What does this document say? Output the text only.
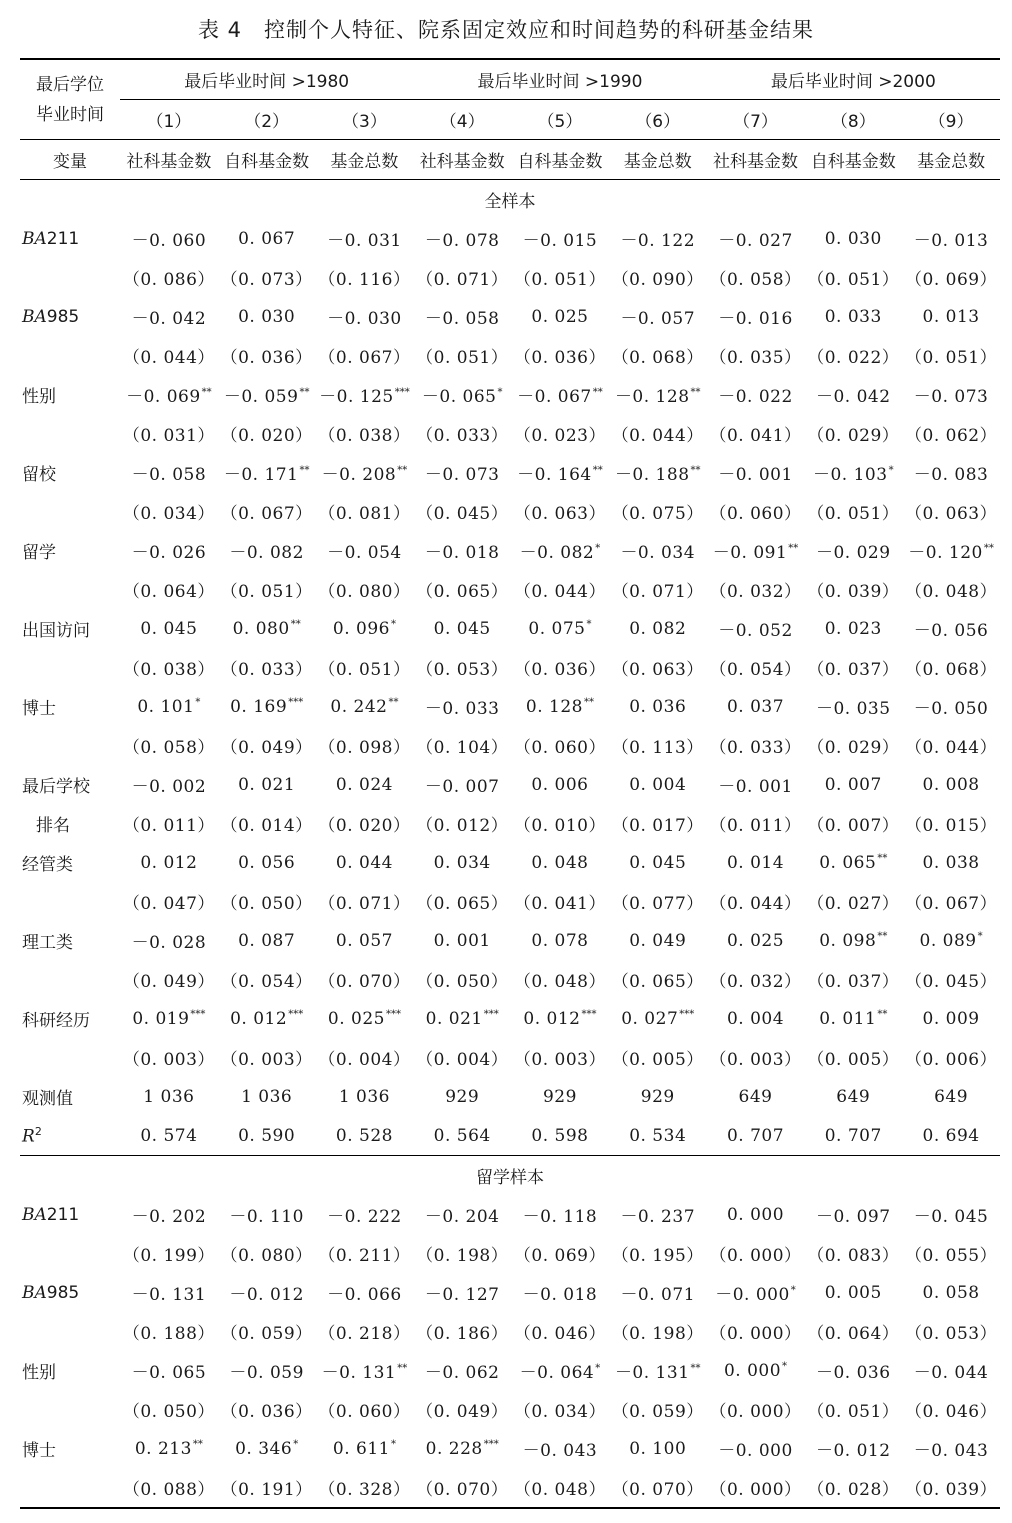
表 4　控制个人特征、院系固定效应和时间趋势的科研基金结果
最后学位
毕业时间	最后毕业时间 >1980			最后毕业时间 >1990			最后毕业时间 >2000		
	（1）	（2）	（3）	（4）	（5）	（6）	（7）	（8）	（9）
变量	社科基金数	自科基金数	基金总数	社科基金数	自科基金数	基金总数	社科基金数	自科基金数	基金总数
全样本									
BA211	－0. 060	0. 067	－0. 031	－0. 078	－0. 015	－0. 122	－0. 027	0. 030	－0. 013
	（0. 086）	（0. 073）	（0. 116）	（0. 071）	（0. 051）	（0. 090）	（0. 058）	（0. 051）	（0. 069）
BA985	－0. 042	0. 030	－0. 030	－0. 058	0. 025	－0. 057	－0. 016	0. 033	0. 013
	（0. 044）	（0. 036）	（0. 067）	（0. 051）	（0. 036）	（0. 068）	（0. 035）	（0. 022）	（0. 051）
性别	－0. 069**	－0. 059**	－0. 125***	－0. 065*	－0. 067**	－0. 128**	－0. 022	－0. 042	－0. 073
	（0. 031）	（0. 020）	（0. 038）	（0. 033）	（0. 023）	（0. 044）	（0. 041）	（0. 029）	（0. 062）
留校	－0. 058	－0. 171**	－0. 208**	－0. 073	－0. 164**	－0. 188**	－0. 001	－0. 103*	－0. 083
	（0. 034）	（0. 067）	（0. 081）	（0. 045）	（0. 063）	（0. 075）	（0. 060）	（0. 051）	（0. 063）
留学	－0. 026	－0. 082	－0. 054	－0. 018	－0. 082*	－0. 034	－0. 091**	－0. 029	－0. 120**
	（0. 064）	（0. 051）	（0. 080）	（0. 065）	（0. 044）	（0. 071）	（0. 032）	（0. 039）	（0. 048）
出国访问	0. 045	0. 080**	0. 096*	0. 045	0. 075*	0. 082	－0. 052	0. 023	－0. 056
	（0. 038）	（0. 033）	（0. 051）	（0. 053）	（0. 036）	（0. 063）	（0. 054）	（0. 037）	（0. 068）
博士	0. 101*	0. 169***	0. 242**	－0. 033	0. 128**	0. 036	0. 037	－0. 035	－0. 050
	（0. 058）	（0. 049）	（0. 098）	（0. 104）	（0. 060）	（0. 113）	（0. 033）	（0. 029）	（0. 044）
最后学校	－0. 002	0. 021	0. 024	－0. 007	0. 006	0. 004	－0. 001	0. 007	0. 008
排名	（0. 011）	（0. 014）	（0. 020）	（0. 012）	（0. 010）	（0. 017）	（0. 011）	（0. 007）	（0. 015）
经管类	0. 012	0. 056	0. 044	0. 034	0. 048	0. 045	0. 014	0. 065**	0. 038
	（0. 047）	（0. 050）	（0. 071）	（0. 065）	（0. 041）	（0. 077）	（0. 044）	（0. 027）	（0. 067）
理工类	－0. 028	0. 087	0. 057	0. 001	0. 078	0. 049	0. 025	0. 098**	0. 089*
	（0. 049）	（0. 054）	（0. 070）	（0. 050）	（0. 048）	（0. 065）	（0. 032）	（0. 037）	（0. 045）
科研经历	0. 019***	0. 012***	0. 025***	0. 021***	0. 012***	0. 027***	0. 004	0. 011**	0. 009
	（0. 003）	（0. 003）	（0. 004）	（0. 004）	（0. 003）	（0. 005）	（0. 003）	（0. 005）	（0. 006）
观测值	1 036	1 036	1 036	929	929	929	649	649	649
$R^2$	0. 574	0. 590	0. 528	0. 564	0. 598	0. 534	0. 707	0. 707	0. 694
留学样本									
BA211	－0. 202	－0. 110	－0. 222	－0. 204	－0. 118	－0. 237	0. 000	－0. 097	－0. 045
	（0. 199）	（0. 080）	（0. 211）	（0. 198）	（0. 069）	（0. 195）	（0. 000）	（0. 083）	（0. 055）
BA985	－0. 131	－0. 012	－0. 066	－0. 127	－0. 018	－0. 071	－0. 000*	0. 005	0. 058
	（0. 188）	（0. 059）	（0. 218）	（0. 186）	（0. 046）	（0. 198）	（0. 000）	（0. 064）	（0. 053）
性别	－0. 065	－0. 059	－0. 131**	－0. 062	－0. 064*	－0. 131**	0. 000*	－0. 036	－0. 044
	（0. 050）	（0. 036）	（0. 060）	（0. 049）	（0. 034）	（0. 059）	（0. 000）	（0. 051）	（0. 046）
博士	0. 213**	0. 346*	0. 611*	0. 228***	－0. 043	0. 100	－0. 000	－0. 012	－0. 043
	（0. 088）	（0. 191）	（0. 328）	（0. 070）	（0. 048）	（0. 070）	（0. 000）	（0. 028）	（0. 039）
